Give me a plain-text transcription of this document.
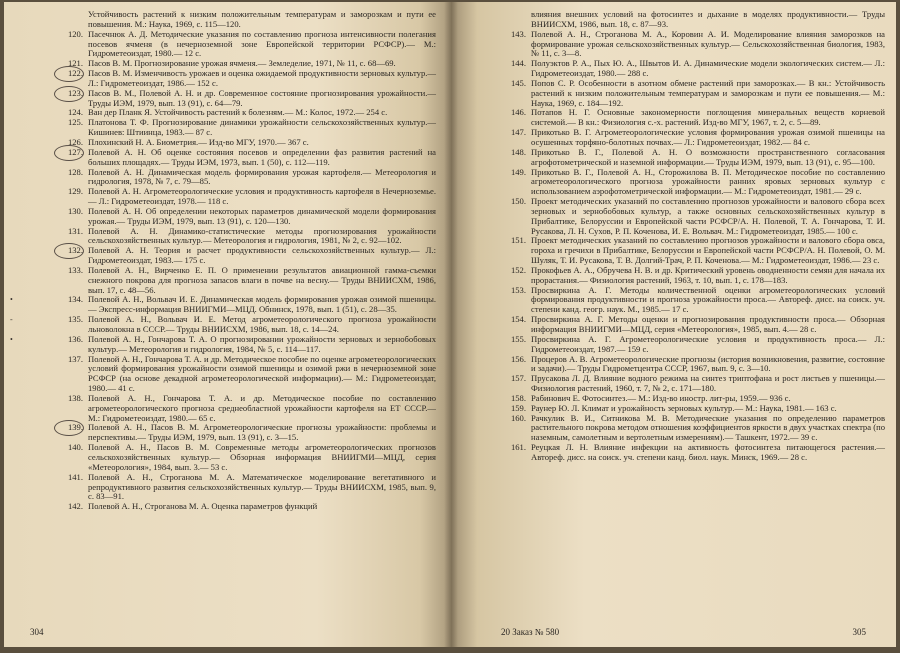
Устойчивость растений к низким положительным температурам и заморозкам и пути ее повышения. М.: Наука, 1969, с. 115—120.
120. Пасечнюк А. Д. Методические указания по составлению прогноза интенсивности полегания посевов ячменя (в нечерноземной зоне Европейской территории РСФСР).— М.: Гидрометеоиздат, 1980.— 12 с.
121. Пасов В. М. Прогнозирование урожая ячменя.— Земледелие, 1971, № 11, с. 68—69.
122. Пасов В. М. Изменчивость урожаев и оценка ожидаемой продуктивности зерновых культур.— Л.: Гидрометеоиздат, 1986.— 152 с.
123. Пасов В. М., Полевой А. Н. и др. Современное состояние прогнозирования урожайности.— Труды ИЭМ, 1979, вып. 13 (91), с. 64—79.
124. Ван дер Планк Я. Устойчивость растений к болезням.— М.: Колос, 1972.— 254 с.
125. Платонова Т. Ф. Прогнозирование динамики урожайности сельскохозяйственных культур.— Кишинев: Штиинца, 1983.— 87 с.
126. Плохинский Н. А. Биометрия.— Изд-во МГУ, 1970.— 367 с.
127. Полевой А. Н. Об оценке состояния посевов и определении фаз развития растений на больших площадях.— Труды ИЭМ, 1973, вып. 1 (50), с. 112—119.
128. Полевой А. Н. Динамическая модель формирования урожая картофеля.— Метеорология и гидрология, 1978, № 7, с. 79—85.
129. Полевой А. Н. Агрометеорологические условия и продуктивность картофеля в Нечерноземье.— Л.: Гидрометеоиздат, 1978.— 118 с.
130. Полевой А. Н. Об определении некоторых параметров динамической модели формирования урожая.— Труды ИЭМ, 1979, вып. 13 (91), с. 120—130.
131. Полевой А. Н. Динамико-статистические методы прогнозирования урожайности сельскохозяйственных культур.— Метеорология и гидрология, 1981, № 2, с. 92—102.
132. Полевой А. Н. Теория и расчет продуктивности сельскохозяйственных культур.— Л.: Гидрометеоиздат, 1983.— 175 с.
133. Полевой А. Н., Вирченко Е. П. О применении результатов авиационной гамма-съемки снежного покрова для прогноза запасов влаги в почве на весну.— Труды ВНИИСХМ, 1986, вып. 17, с. 48—56.
134.
•	Полевой А. Н., Вольвач И. Е. Динамическая модель формирования урожая озимой пшеницы.— Экспресс-информация ВНИИГМИ—МЦД. Обнинск, 1978, вып. 1 (51), с. 28—35.
135.
-	Полевой А. Н., Вольвач И. Е. Метод агрометеорологического прогноза урожайности льноволокна в СССР.— Труды ВНИИСХМ, 1986, вып. 18, с. 14—24.
136.
•	Полевой А. Н., Гончарова Т. А. О прогнозировании урожайности зерновых и зернобобовых культур.— Метеорология и гидрология, 1984, № 5, с. 114—117.
137. Полевой А. Н., Гончарова Т. А. и др. Методическое пособие по оценке агрометеорологических условий формирования урожайности озимой пшеницы и озимой ржи в нечерноземной зоне РСФСР (на основе декадной агрометеорологической информации).— М.: Гидрометеоиздат, 1980.— 41 с.
138. Полевой А. Н., Гончарова Т. А. и др. Методическое пособие по составлению агрометеорологического прогноза среднеобластной урожайности картофеля на ЕТ СССР.— М.: Гидрометеоиздат, 1980.— 65 с.
139. Полевой А. Н., Пасов В. М. Агрометеорологические прогнозы урожайности: проблемы и перспективы.— Труды ИЭМ, 1979, вып. 13 (91), с. 3—15.
140. Полевой А. Н., Пасов В. М. Современные методы агрометеорологических прогнозов сельскохозяйственных культур.— Обзорная информация ВНИИГМИ—МЦД, серия «Метеорология», 1984, вып. 3.— 53 с.
141. Полевой А. Н., Строганова М. А. Математическое моделирование вегетативного и репродуктивного развития сельскохозяйственных культур.— Труды ВНИИСХМ, 1985, вып. 9, с. 83—91.
142. Полевой А. Н., Строганова М. А. Оценка параметров функций
304
влияния внешних условий на фотосинтез и дыхание в моделях продуктивности.— Труды ВНИИСХМ, 1986, вып. 18, с. 87—93.
143. Полевой А. Н., Строганова М. А., Коровин А. И. Моделирование влияния заморозков на формирование урожая сельскохозяйственных культур.— Сельскохозяйственная биология, 1983, № 11, с. 3—8.
144. Полуэктов Р. А., Пых Ю. А., Швытов И. А. Динамические модели экологических систем.— Л.: Гидрометеоиздат, 1980.— 288 с.
145. Попов С. Р. Особенности в азотном обмене растений при заморозках.— В кн.: Устойчивость растений к низким положительным температурам и заморозкам и пути ее повышения.— М.: Наука, 1969, с. 184—192.
146. Потапов Н. Г. Основные закономерности поглощения минеральных веществ корневой системой.— В кн.: Физиология с.-х. растений. Изд-во МГУ, 1967, т. 2, с. 5—89.
147. Прикотько В. Г. Агрометеорологические условия формирования урожая озимой пшеницы на осушенных торфяно-болотных почвах.— Л.: Гидрометеоиздат, 1982.— 84 с.
148. Прикотько В. Г., Полевой А. Н. О возможности пространственного согласования агрофотометрической и наземной информации.— Труды ИЭМ, 1979, вып. 13 (91), с. 95—100.
149. Прикотько В. Г., Полевой А. Н., Сторожилова В. П. Методическое пособие по составлению агрометеорологического прогноза урожайности ранних яровых зерновых культур с использованием аэрофотометрической информации.— М.: Гидрометеоиздат, 1981.— 29 с.
150. Проект методических указаний по составлению прогнозов урожайности и валового сбора всех зерновых и зернобобовых культур, а также основных сельскохозяйственных культур в Прибалтике, Белоруссии и Европейской части РСФСР/А. Н. Полевой, Т. А. Гончарова, Т. И. Русакова, Л. Н. Сухов, Р. П. Коченова, И. Е. Вольвач. М.: Гидрометеоиздат, 1985.— 100 с.
151. Проект методических указаний по составлению прогнозов урожайности и валового сбора овса, гороха и гречихи в Прибалтике, Белоруссии и Европейской части РСФСР/А. Н. Полевой, О. М. Шуляк, Т. И. Русакова, Т. В. Долгий-Трач, Р. П. Коченова.— М.: Гидрометеоиздат, 1986.— 23 с.
152. Прокофьев А. А., Обручева Н. В. и др. Критический уровень оводненности семян для начала их прорастания.— Физиология растений, 1963, т. 10, вып. 1, с. 178—183.
153. Просвиркина А. Г. Методы количественной оценки агрометеорологических условий формирования продуктивности и прогноза урожайности проса.— Автореф. дисс. на соиск. уч. степени канд. геогр. наук. М., 1985.— 17 с.
154. Просвиркина А. Г. Методы оценки и прогнозирования продуктивности проса.— Обзорная информация ВНИИГМИ—МЦД, серия «Метеорология», 1985, вып. 4.— 28 с.
155. Просвиркина А. Г. Агрометеорологические условия и продуктивность проса.— Л.: Гидрометеоиздат, 1987.— 159 с.
156. Процеров А. В. Агрометеорологические прогнозы (история возникновения, развитие, состояние и задачи).— Труды Гидрометцентра СССР, 1967, вып. 9, с. 3—10.
157. Прусакова Л. Д. Влияние водного режима на синтез триптофана и рост листьев у пшеницы.— Физиология растений, 1960, т. 7, № 2, с. 171—180.
158. Рабинович Е. Фотосинтез.— М.: Изд-во иностр. лит-ры, 1959.— 936 с.
159. Раунер Ю. Л. Климат и урожайность зерновых культур.— М.: Наука, 1981.— 163 с.
160. Рачкулик В. И., Ситникова М. В. Методические указания по определению параметров растительного покрова методом отношения коэффициентов яркости в двух участках спектра (по наземным, самолетным и вертолетным измерениям).— Ташкент, 1972.— 39 с.
161. Реуцкая Л. Н. Влияние инфекции на активность фотосинтеза питающегося растения.— Автореф. дисс. на соиск. уч. степени канд. биол. наук. Минск, 1969.— 28 с.
20 Заказ № 580	305
